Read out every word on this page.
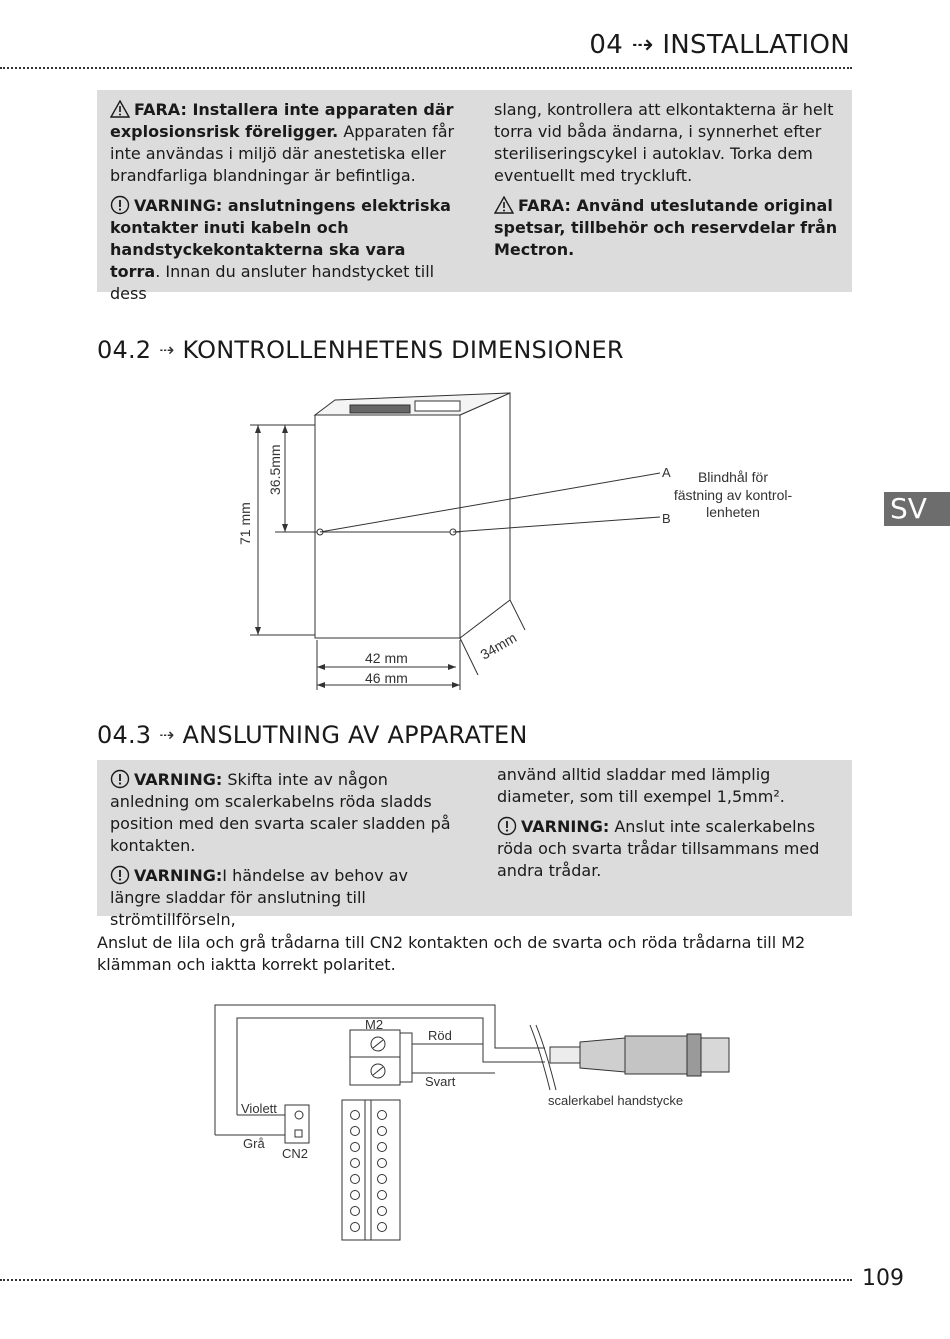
04 ⇢ INSTALLATION

FARA: Installera inte apparaten där explosionsrisk föreligger. Apparaten får inte användas i miljö där anestetiska eller brandfarliga blandningar är befintliga.

VARNING: anslutningens elektriska kontakter inuti kabeln och handstyckekontakterna ska vara torra. Innan du ansluter handstycket till dess

slang, kontrollera att elkontakterna är helt torra vid båda ändarna, i synnerhet efter steriliseringscykel i autoklav. Torka dem eventuellt med tryckluft.

FARA: Använd uteslutande original spetsar, tillbehör och reservdelar från Mectron.

04.2 ⇢ KONTROLLENHETENS DIMENSIONER
SV
71 mm
36.5mm
42 mm
46 mm
34mm
A
B
Blindhål för
fästning av kontrol-
lenheten
04.3 ⇢ ANSLUTNING AV APPARATEN

VARNING: Skifta inte av någon anledning om scalerkabelns röda sladds position med den svarta scaler sladden på kontakten.

VARNING:I händelse av behov av längre sladdar för anslutning till strömtillförseln,

använd alltid sladdar med lämplig diameter, som till exempel 1,5mm².

VARNING: Anslut inte scalerkabelns röda och svarta trådar tillsammans med andra trådar.

Anslut de lila och grå trådarna till CN2 kontakten och de svarta och röda trådarna till M2 klämman och iaktta korrekt polaritet.
M2
Röd
Svart
Violett
Grå
CN2
scalerkabel handstycke
109
